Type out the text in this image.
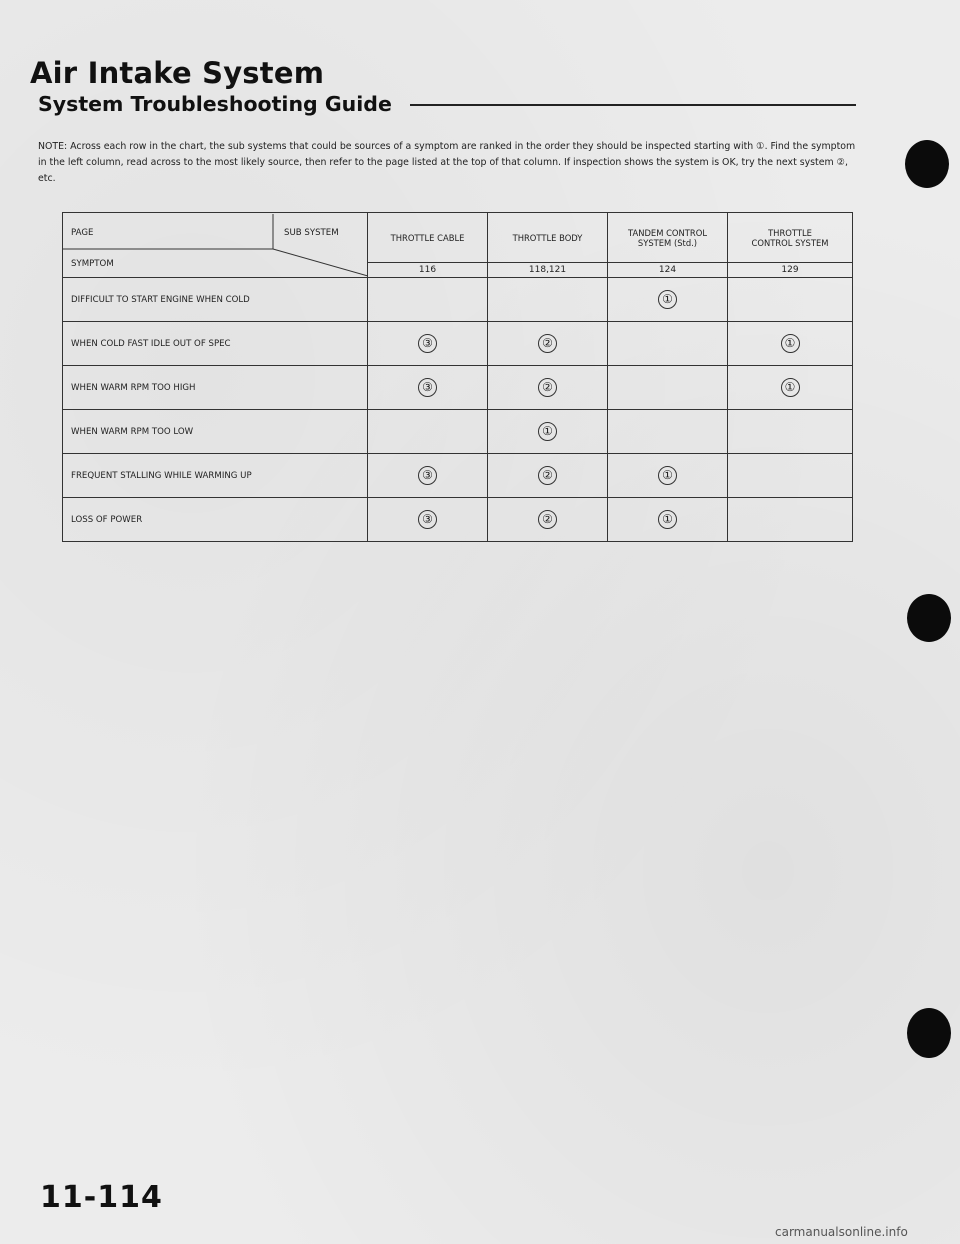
Air Intake System
System Troubleshooting Guide
NOTE: Across each row in the chart, the sub systems that could be sources of a symptom are ranked in the order they should be inspected starting with ①. Find the symptom in the left column, read across to the most likely source, then refer to the page listed at the top of that column. If inspection shows the system is OK, try the next system ②, etc.
PAGE SUB SYSTEM
SYMPTOM	THROTTLE CABLE	THROTTLE BODY	TANDEM CONTROL SYSTEM (Std.)	THROTTLE CONTROL SYSTEM
	116	118,121	124	129
DIFFICULT TO START ENGINE WHEN COLD			①	
WHEN COLD FAST IDLE OUT OF SPEC	③	②		①
WHEN WARM RPM TOO HIGH	③	②		①
WHEN WARM RPM TOO LOW		①		
FREQUENT STALLING WHILE WARMING UP	③	②	①	
LOSS OF POWER	③	②	①	
11-114
carmanualsonline.info
